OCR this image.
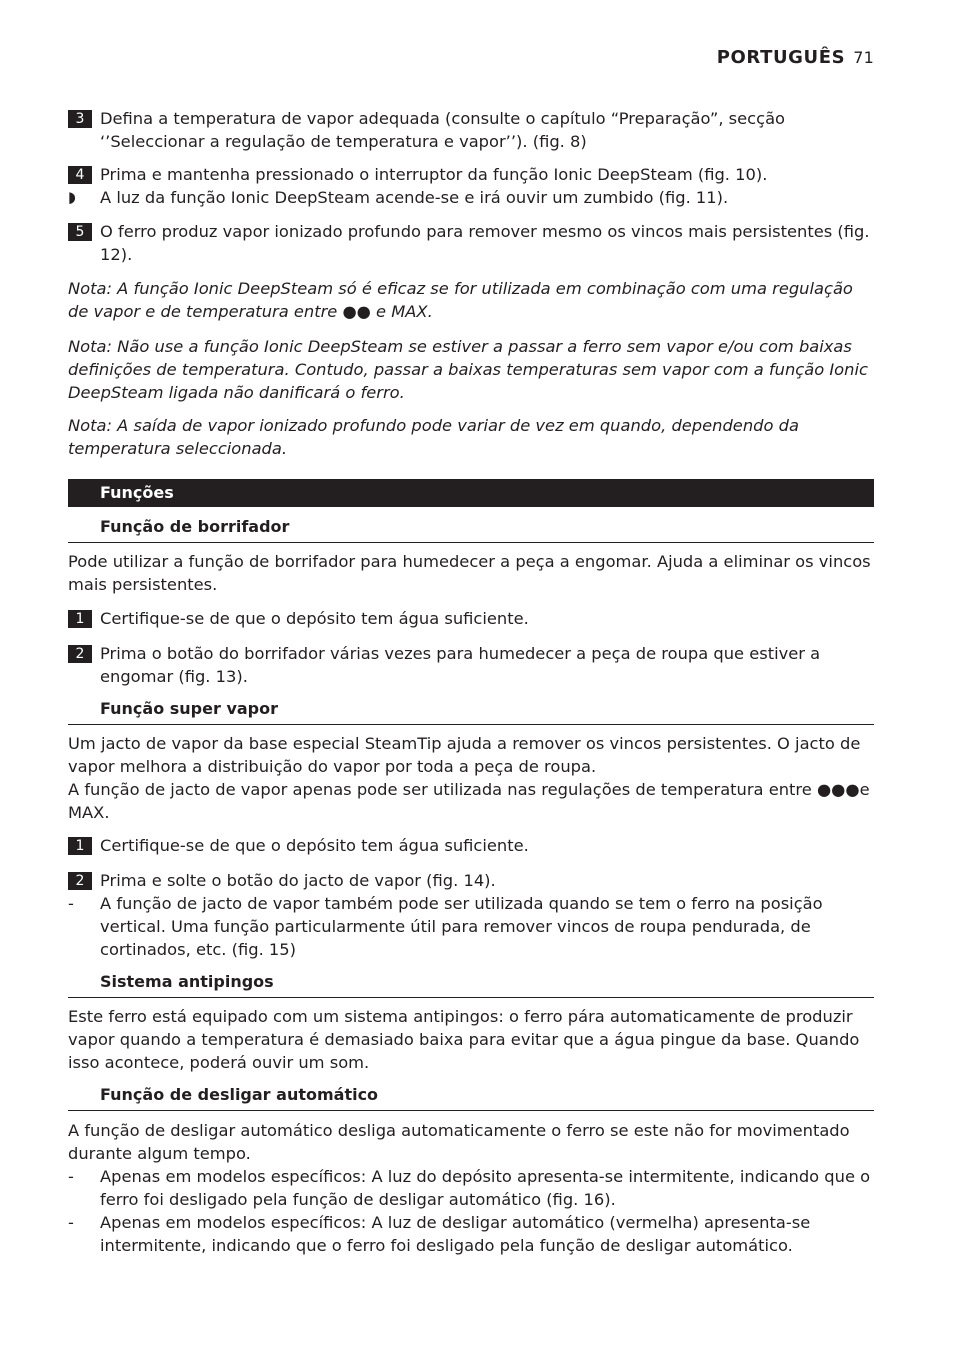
PORTUGUÊS 71
3 Defina a temperatura de vapor adequada (consulte o capítulo “Preparação”, secção ‘’Seleccionar a regulação de temperatura e vapor’’). (fig. 8)
4 Prima e mantenha pressionado o interruptor da função Ionic DeepSteam (fig. 10).
◗ A luz da função Ionic DeepSteam acende-se e irá ouvir um zumbido (fig. 11).
5 O ferro produz vapor ionizado profundo para remover mesmo os vincos mais persistentes (fig. 12).
Nota: A função Ionic DeepSteam só é eficaz se for utilizada em combinação com uma regulação de vapor e de temperatura entre ●● e MAX.
Nota: Não use a função Ionic DeepSteam se estiver a passar a ferro sem vapor e/ou com baixas definições de temperatura. Contudo, passar a baixas temperaturas sem vapor com a função Ionic DeepSteam ligada não danificará o ferro.
Nota: A saída de vapor ionizado profundo pode variar de vez em quando, dependendo da temperatura seleccionada.
Funções
Função de borrifador
Pode utilizar a função de borrifador para humedecer a peça a engomar. Ajuda a eliminar os vincos mais persistentes.
1 Certifique-se de que o depósito tem água suficiente.
2 Prima o botão do borrifador várias vezes para humedecer a peça de roupa que estiver a engomar (fig. 13).
Função super vapor
Um jacto de vapor da base especial SteamTip ajuda a remover os vincos persistentes. O jacto de vapor melhora a distribuição do vapor por toda a peça de roupa.
A função de jacto de vapor apenas pode ser utilizada nas regulações de temperatura entre ●●●e MAX.
1 Certifique-se de que o depósito tem água suficiente.
2 Prima e solte o botão do jacto de vapor (fig. 14).
- A função de jacto de vapor também pode ser utilizada quando se tem o ferro na posição vertical. Uma função particularmente útil para remover vincos de roupa pendurada, de cortinados, etc. (fig. 15)
Sistema antipingos
Este ferro está equipado com um sistema antipingos: o ferro pára automaticamente de produzir vapor quando a temperatura é demasiado baixa para evitar que a água pingue da base. Quando isso acontece, poderá ouvir um som.
Função de desligar automático
A função de desligar automático desliga automaticamente o ferro se este não for movimentado durante algum tempo.
- Apenas em modelos específicos: A luz do depósito apresenta-se intermitente, indicando que o ferro foi desligado pela função de desligar automático (fig. 16).
- Apenas em modelos específicos: A luz de desligar automático (vermelha) apresenta-se intermitente, indicando que o ferro foi desligado pela função de desligar automático.
